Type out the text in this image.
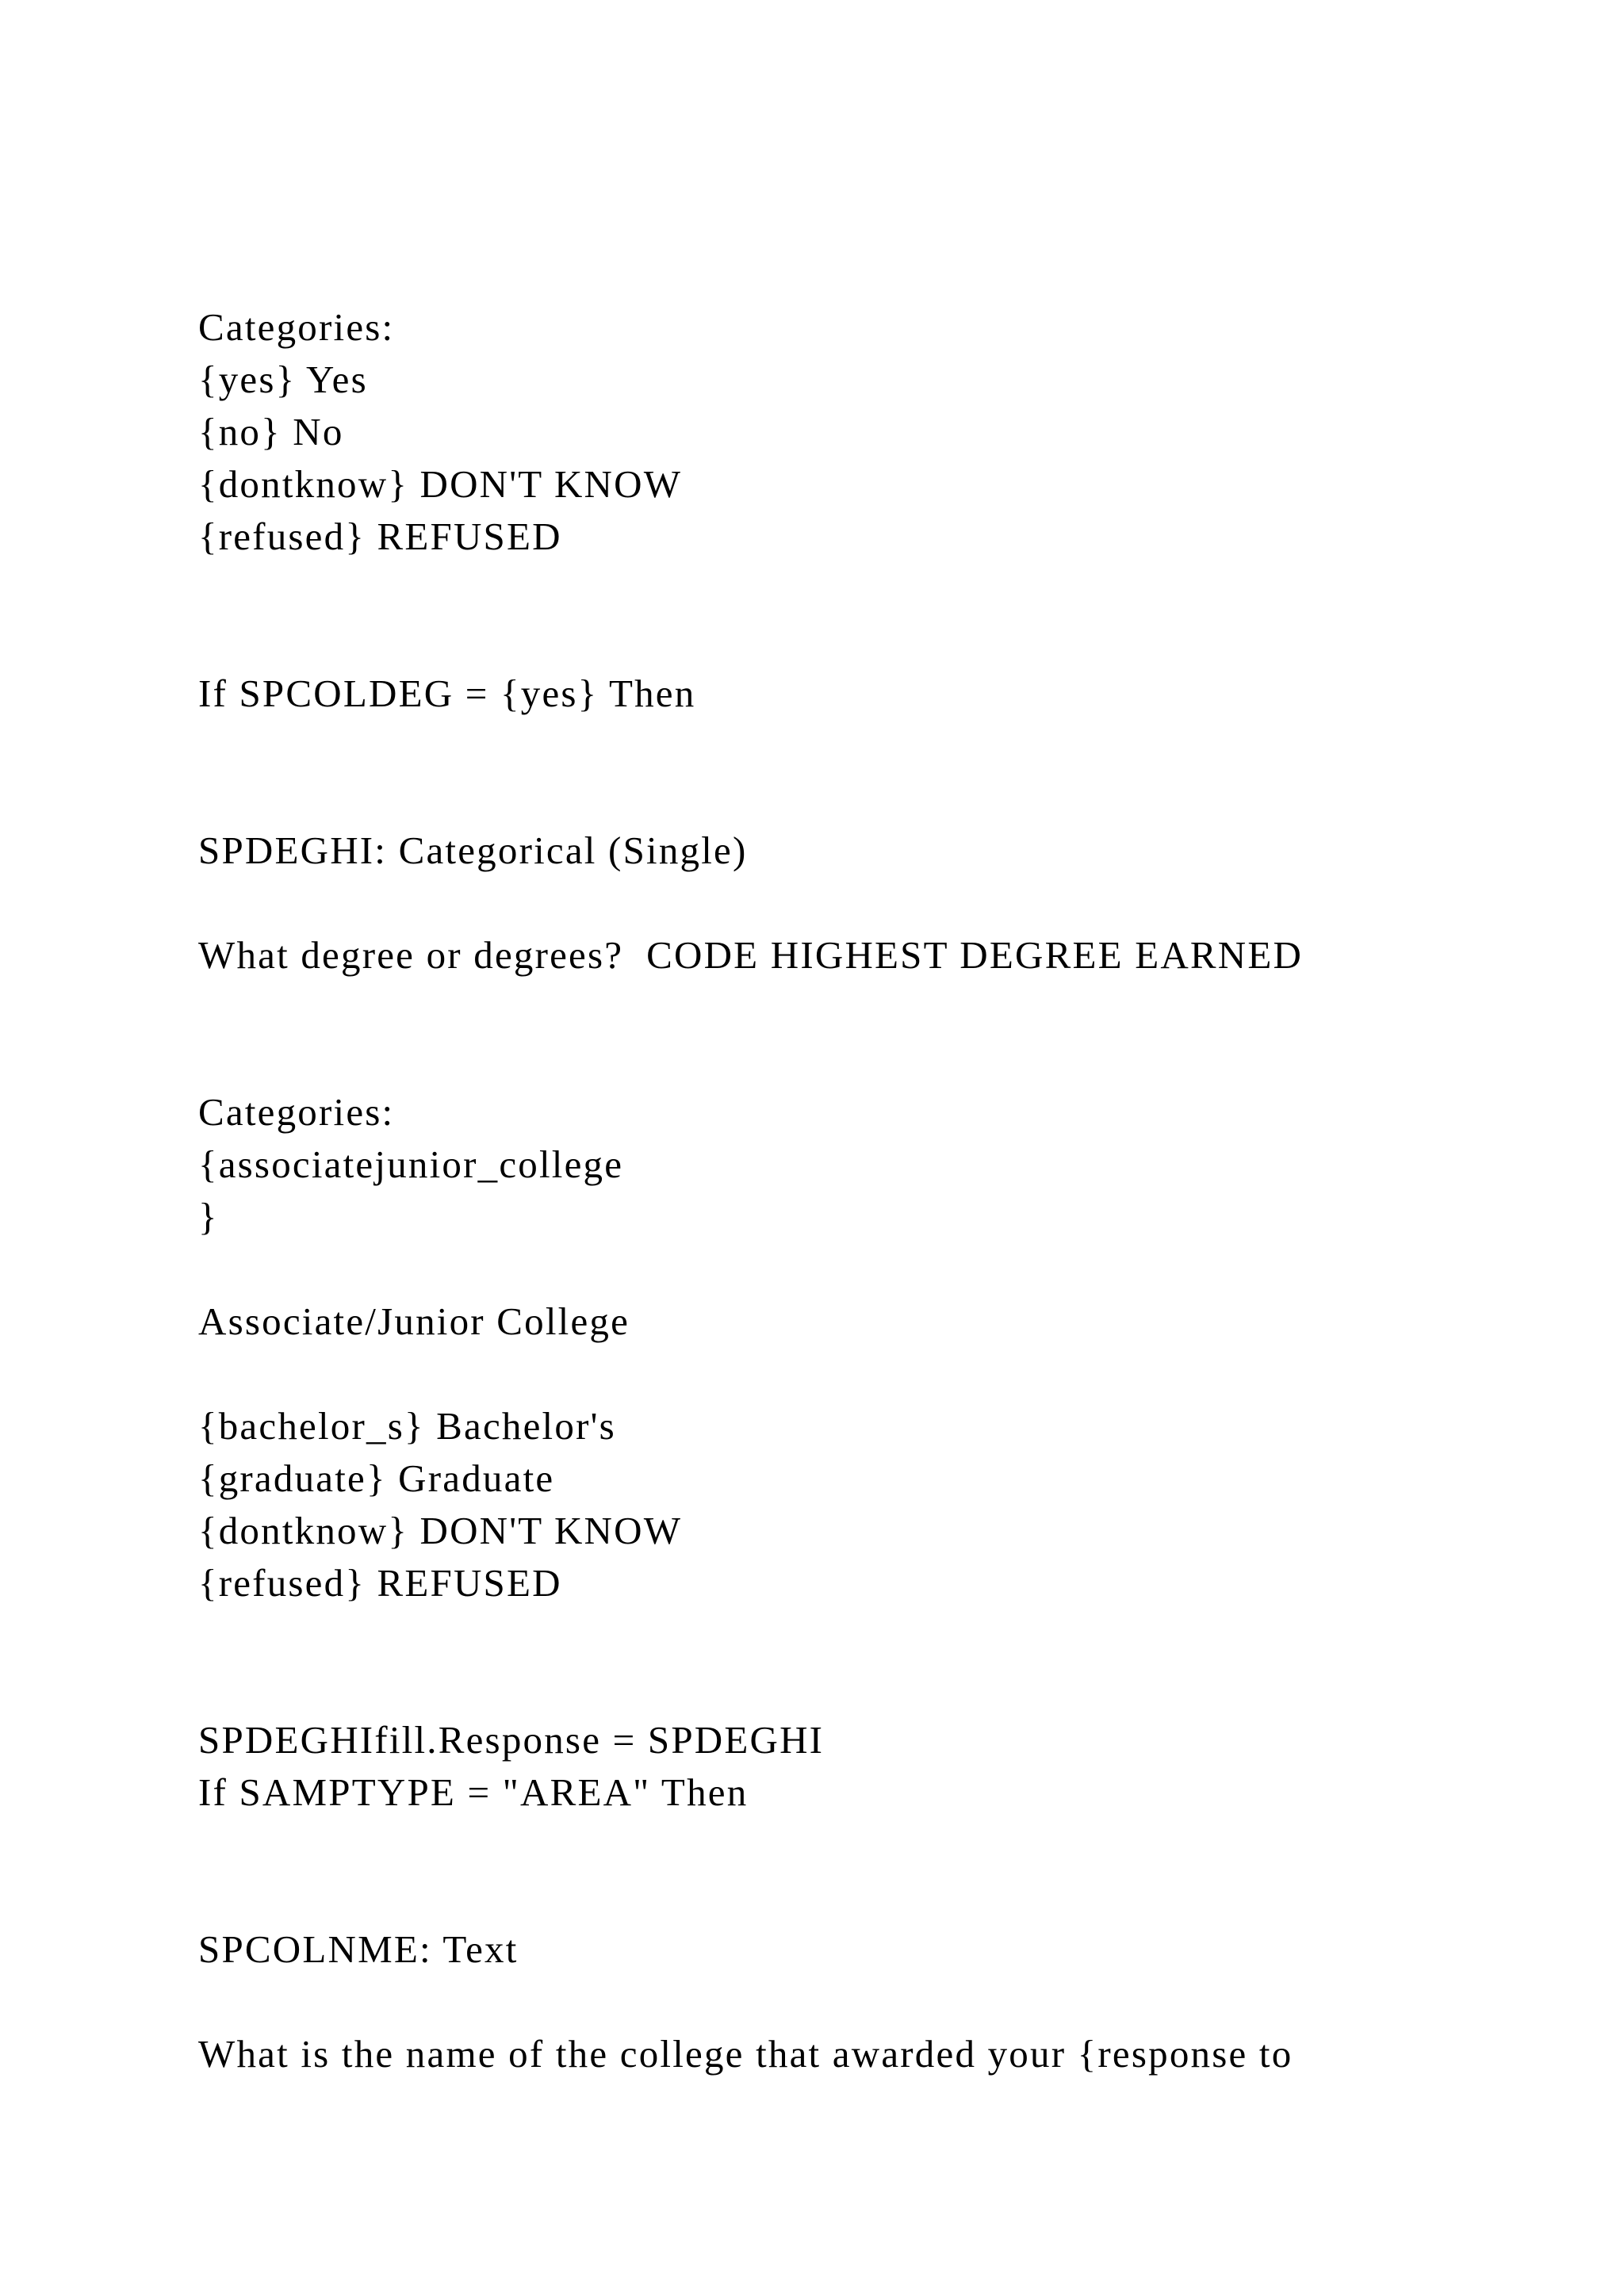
Categories:

{yes} Yes

{no} No

{dontknow} DON'T KNOW

{refused} REFUSED

If SPCOLDEG = {yes} Then

SPDEGHI: Categorical (Single)

What degree or degrees?  CODE HIGHEST DEGREE EARNED

Categories:

{associatejunior_college

}

Associate/Junior College

{bachelor_s} Bachelor's

{graduate} Graduate

{dontknow} DON'T KNOW

{refused} REFUSED

SPDEGHIfill.Response = SPDEGHI

If SAMPTYPE = "AREA" Then

SPCOLNME: Text

What is the name of the college that awarded your {response to
